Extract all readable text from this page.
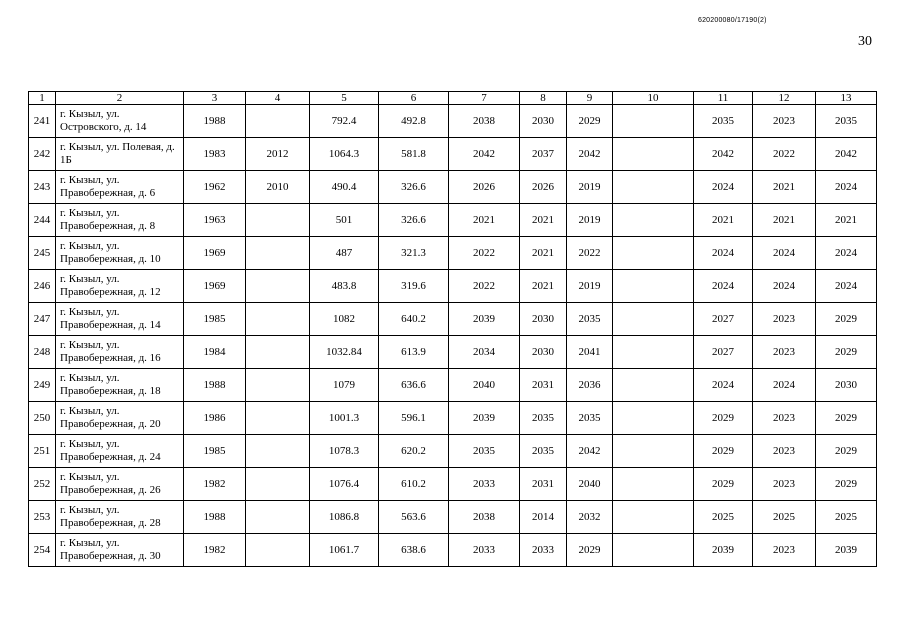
620200080/17190(2)
30
1	2	3	4	5	6	7	8	9	10	11	12	13
241	г. Кызыл, ул. Островского, д. 14	1988		792.4	492.8	2038	2030	2029		2035	2023	2035
242	г. Кызыл, ул. Полевая, д. 1Б	1983	2012	1064.3	581.8	2042	2037	2042		2042	2022	2042
243	г. Кызыл, ул. Правобережная, д. 6	1962	2010	490.4	326.6	2026	2026	2019		2024	2021	2024
244	г. Кызыл, ул. Правобережная, д. 8	1963		501	326.6	2021	2021	2019		2021	2021	2021
245	г. Кызыл, ул. Правобережная, д. 10	1969		487	321.3	2022	2021	2022		2024	2024	2024
246	г. Кызыл, ул. Правобережная, д. 12	1969		483.8	319.6	2022	2021	2019		2024	2024	2024
247	г. Кызыл, ул. Правобережная, д. 14	1985		1082	640.2	2039	2030	2035		2027	2023	2029
248	г. Кызыл, ул. Правобережная, д. 16	1984		1032.84	613.9	2034	2030	2041		2027	2023	2029
249	г. Кызыл, ул. Правобережная, д. 18	1988		1079	636.6	2040	2031	2036		2024	2024	2030
250	г. Кызыл, ул. Правобережная, д. 20	1986		1001.3	596.1	2039	2035	2035		2029	2023	2029
251	г. Кызыл, ул. Правобережная, д. 24	1985		1078.3	620.2	2035	2035	2042		2029	2023	2029
252	г. Кызыл, ул. Правобережная, д. 26	1982		1076.4	610.2	2033	2031	2040		2029	2023	2029
253	г. Кызыл, ул. Правобережная, д. 28	1988		1086.8	563.6	2038	2014	2032		2025	2025	2025
254	г. Кызыл, ул. Правобережная, д. 30	1982		1061.7	638.6	2033	2033	2029		2039	2023	2039
